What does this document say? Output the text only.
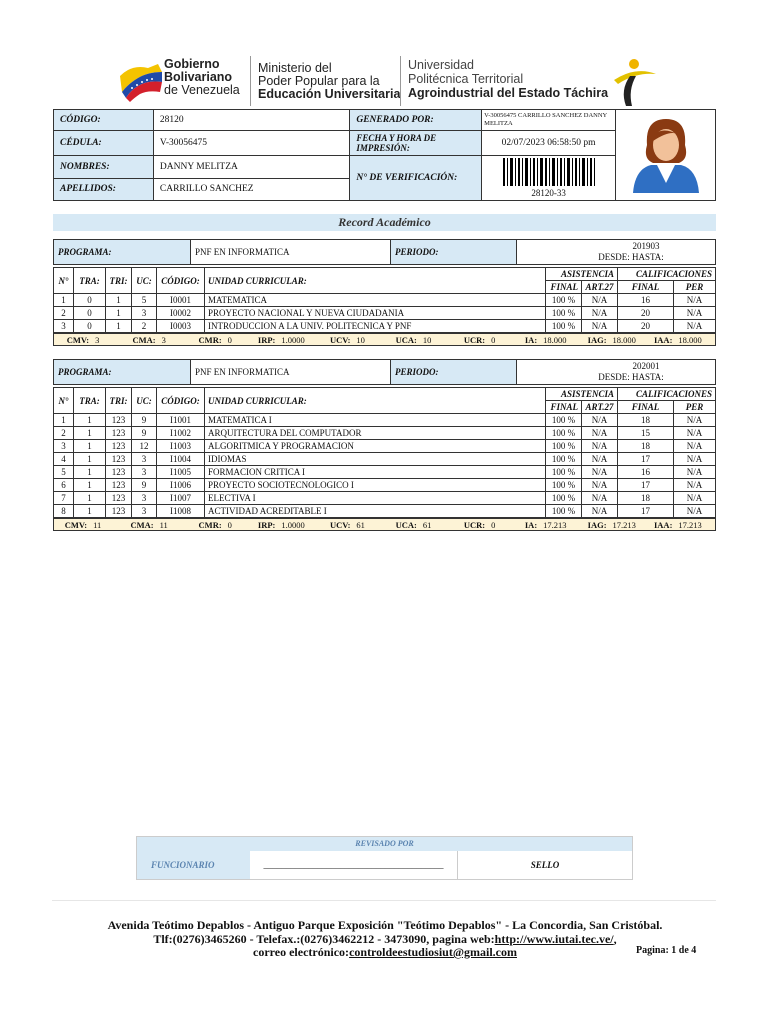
Gobierno
Bolivariano
de Venezuela
Ministerio del
Poder Popular para la
Educación Universitaria
Universidad
Politécnica Territorial
Agroindustrial del Estado Táchira
CÓDIGO:	28120	GENERADO POR:	V-30056475 CARRILLO SANCHEZ DANNY MELITZA	
CÉDULA:	V-30056475	FECHA Y HORA DE IMPRESIÓN:	02/07/2023 06:58:50 pm	
NOMBRES:	DANNY MELITZA	N° DE VERIFICACIÓN:	28120-33	

APELLIDOS:	CARRILLO SANCHEZ			
Record Académico
PROGRAMA:	PNF EN INFORMATICA	PERIODO:	
201903
DESDE: HASTA:
N°	TRA:	TRI:	UC:	CÓDIGO:	UNIDAD CURRICULAR:	ASISTENCIA		CALIFICACIONES	
						FINAL	ART.27	FINAL	PER
1	0	1	5	I0001	MATEMATICA	100 %	N/A	16	N/A
2	0	1	3	I0002	PROYECTO NACIONAL Y NUEVA CIUDADANIA	100 %	N/A	20	N/A
3	0	1	2	I0003	INTRODUCCION A LA UNIV. POLITECNICA Y PNF	100 %	N/A	20	N/A
CMV: 3	CMA: 3	CMR: 0	IRP: 1.0000	UCV: 10	UCA: 10	UCR: 0	IA: 18.000	IAG: 18.000	IAA: 18.000
PROGRAMA:	PNF EN INFORMATICA	PERIODO:	
202001
DESDE: HASTA:
N°	TRA:	TRI:	UC:	CÓDIGO:	UNIDAD CURRICULAR:	ASISTENCIA		CALIFICACIONES	
						FINAL	ART.27	FINAL	PER
1	1	123	9	I1001	MATEMATICA I	100 %	N/A	18	N/A
2	1	123	9	I1002	ARQUITECTURA DEL COMPUTADOR	100 %	N/A	15	N/A
3	1	123	12	I1003	ALGORITMICA Y PROGRAMACION	100 %	N/A	18	N/A
4	1	123	3	I1004	IDIOMAS	100 %	N/A	17	N/A
5	1	123	3	I1005	FORMACION CRITICA I	100 %	N/A	16	N/A
6	1	123	9	I1006	PROYECTO SOCIOTECNOLOGICO I	100 %	N/A	17	N/A
7	1	123	3	I1007	ELECTIVA I	100 %	N/A	18	N/A
8	1	123	3	I1008	ACTIVIDAD ACREDITABLE I	100 %	N/A	17	N/A
CMV: 11	CMA: 11	CMR: 0	IRP: 1.0000	UCV: 61	UCA: 61	UCR: 0	IA: 17.213	IAG: 17.213	IAA: 17.213
REVISADO POR
FUNCIONARIO	________________________________________	SELLO
Avenida Teótimo Depablos - Antiguo Parque Exposición "Teótimo Depablos" - La Concordia, San Cristóbal.
Tlf:(0276)3465260 - Telefax.:(0276)3462212 - 3473090, pagina web:http://www.iutai.tec.ve/,
correo electrónico:controldeestudiosiut@gmail.com	Pagina: 1 de 4
